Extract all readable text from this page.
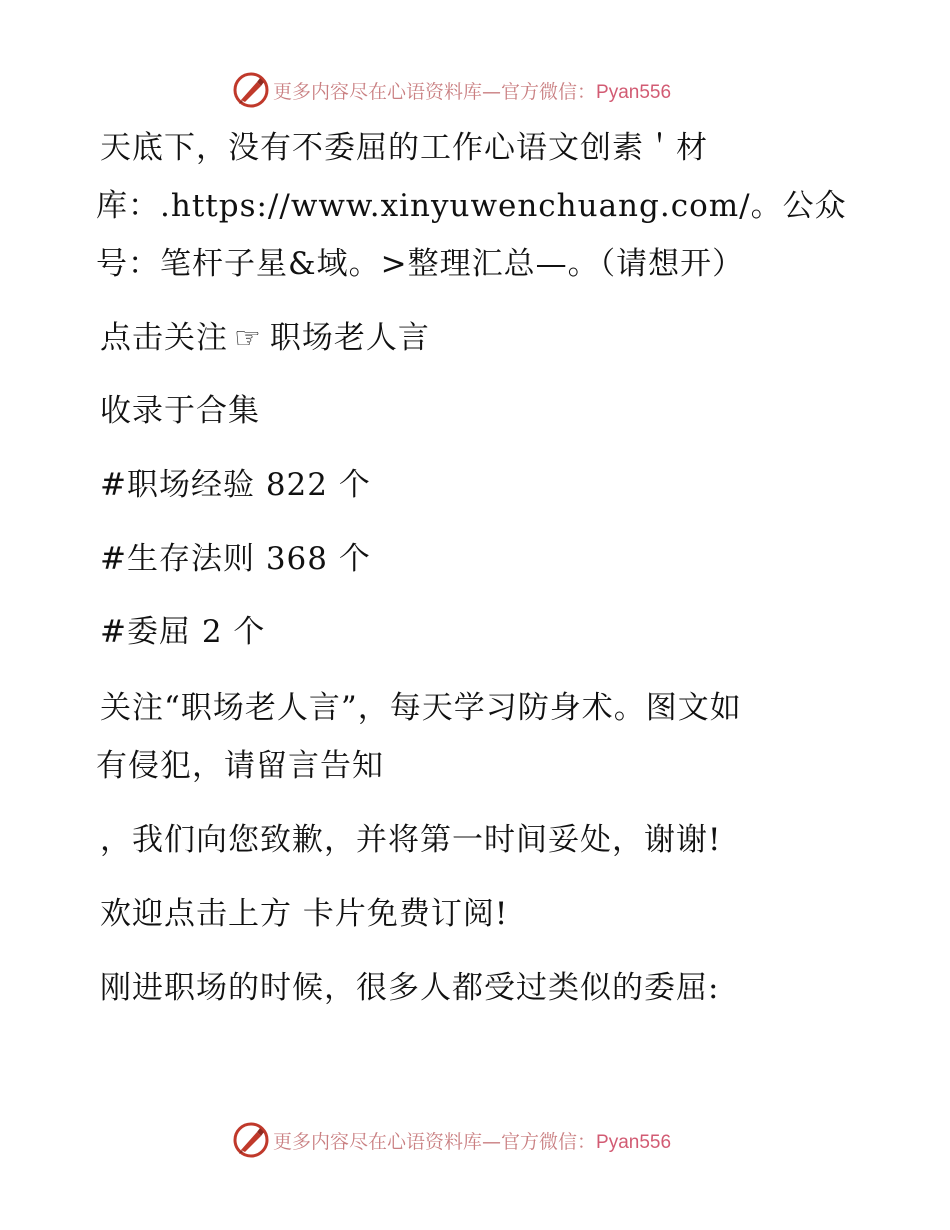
更多内容尽在心语资料库—官方微信：Pyan556
天底下，没有不委屈的工作心语文创素＇材
库：.https://www.xinyuwenchuang.com/。公众
号：笔杆子星&域。>整理汇总—。（请想开）
点击关注 ☞ 职场老人言
收录于合集
#职场经验 822 个
#生存法则 368 个
#委屈 2 个
关注“职场老人言”，每天学习防身术。图文如
有侵犯，请留言告知
，我们向您致歉，并将第一时间妥处，谢谢!
欢迎点击上方 卡片免费订阅!
刚进职场的时候，很多人都受过类似的委屈:
更多内容尽在心语资料库—官方微信：Pyan556
